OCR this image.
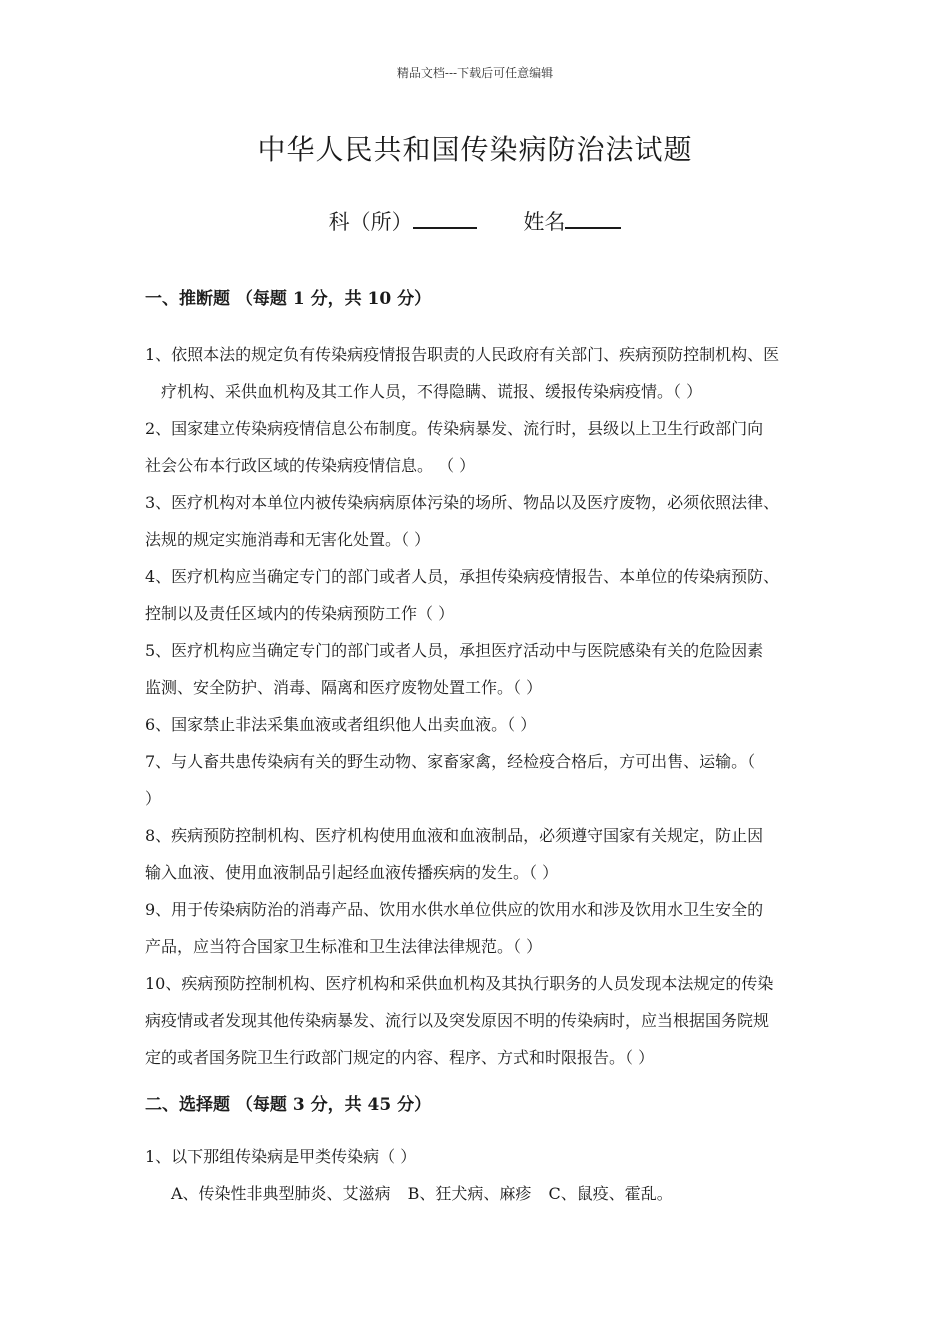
精品文档---下载后可任意编辑
中华人民共和国传染病防治法试题
科（所）	姓名
一、推断题 （每题 1 分，共 10 分）

1、依照本法的规定负有传染病疫情报告职责的人民政府有关部门、疾病预防控制机构、医
疗机构、采供血机构及其工作人员，不得隐瞒、谎报、缓报传染病疫情。（ ）

2、国家建立传染病疫情信息公布制度。传染病暴发、流行时，县级以上卫生行政部门向
社会公布本行政区域的传染病疫情信息。 （ ）

3、医疗机构对本单位内被传染病病原体污染的场所、物品以及医疗废物，必须依照法律、
法规的规定实施消毒和无害化处置。（ ）

4、医疗机构应当确定专门的部门或者人员，承担传染病疫情报告、本单位的传染病预防、
控制以及责任区域内的传染病预防工作（ ）

5、医疗机构应当确定专门的部门或者人员，承担医疗活动中与医院感染有关的危险因素
监测、安全防护、消毒、隔离和医疗废物处置工作。（ ）

6、国家禁止非法采集血液或者组织他人出卖血液。（ ）

7、与人畜共患传染病有关的野生动物、家畜家禽，经检疫合格后，方可出售、运输。（
）

8、疾病预防控制机构、医疗机构使用血液和血液制品，必须遵守国家有关规定，防止因
输入血液、使用血液制品引起经血液传播疾病的发生。（ ）

9、用于传染病防治的消毒产品、饮用水供水单位供应的饮用水和涉及饮用水卫生安全的
产品，应当符合国家卫生标准和卫生法律法律规范。（ ）

10、疾病预防控制机构、医疗机构和采供血机构及其执行职务的人员发现本法规定的传染
病疫情或者发现其他传染病暴发、流行以及突发原因不明的传染病时，应当根据国务院规
定的或者国务院卫生行政部门规定的内容、程序、方式和时限报告。（ ）

二、选择题 （每题 3 分，共 45 分）

1、以下那组传染病是甲类传染病（ ）

A、传染性非典型肺炎、艾滋病 B、狂犬病、麻疹 C、鼠疫、霍乱。
